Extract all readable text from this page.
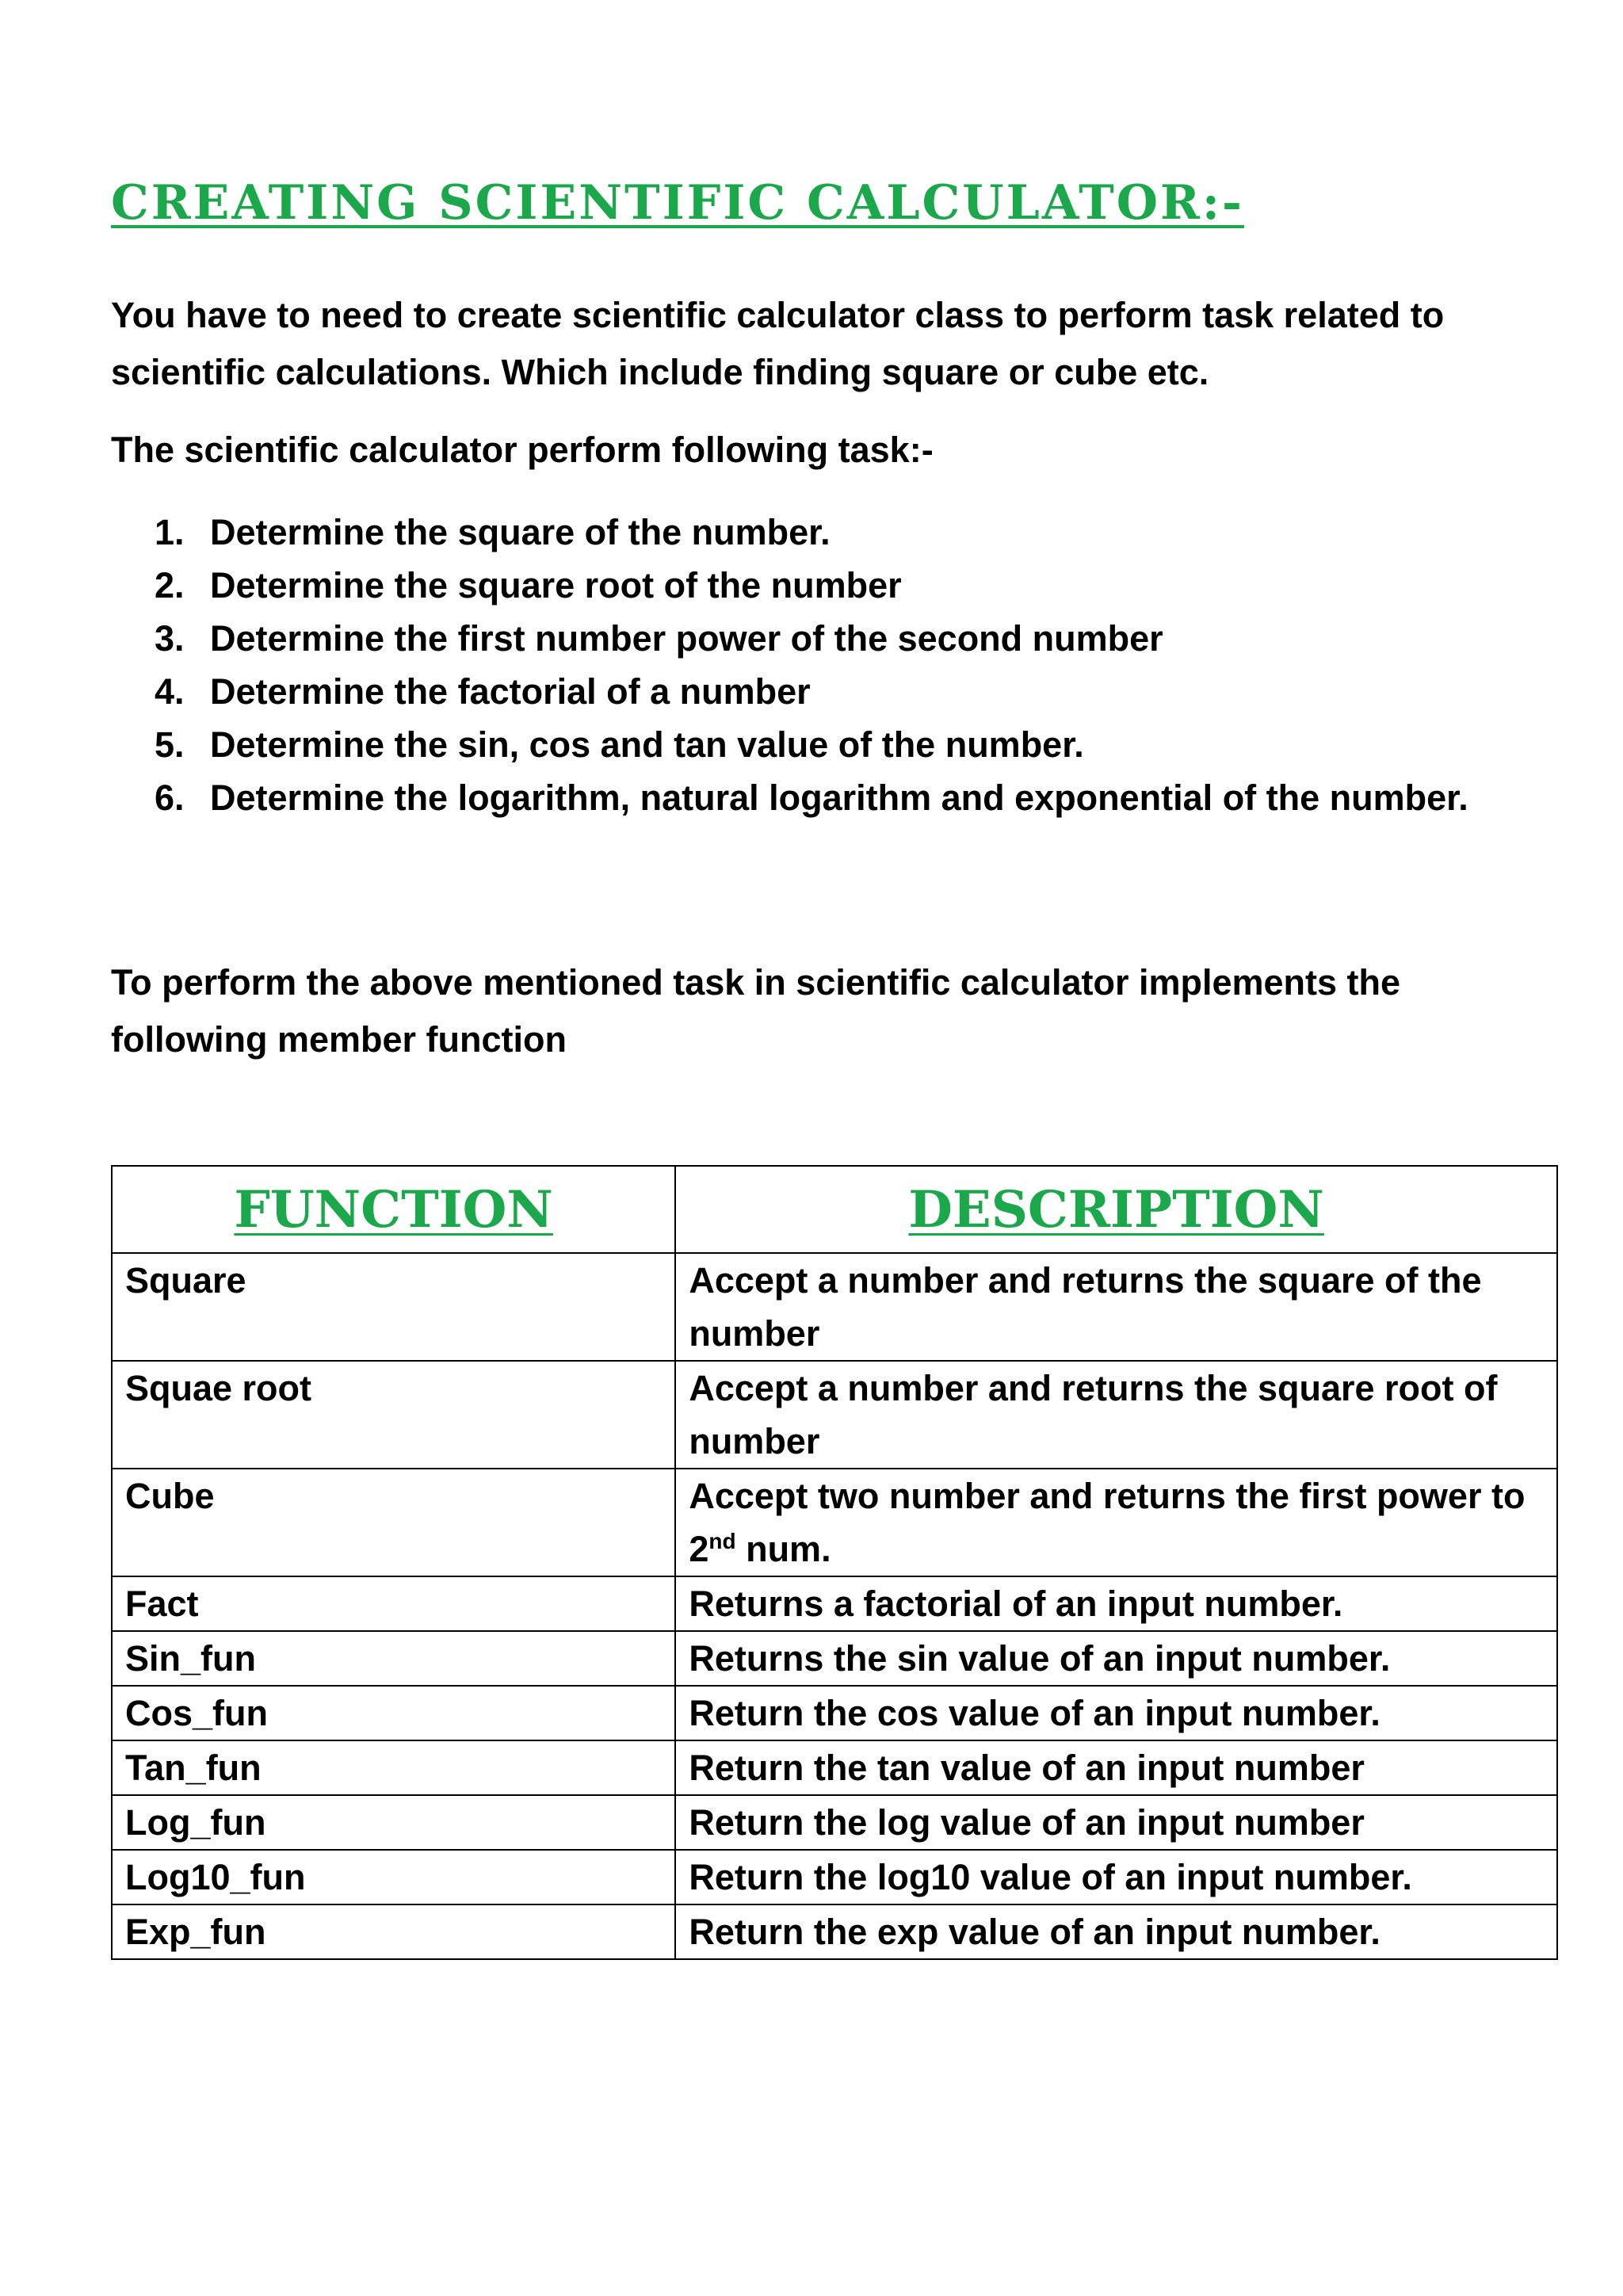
CREATING SCIENTIFIC CALCULATOR:-

You have to need to create scientific calculator class to perform task related to scientific calculations. Which include finding square or cube etc.

The scientific calculator perform following task:-

1. Determine the square of the number.
2. Determine the square root of the number
3. Determine the first number power of the second number
4. Determine the factorial of a number
5. Determine the sin, cos and tan value of the number.
6. Determine the logarithm, natural logarithm and exponential of the number.

To perform the above mentioned task in scientific calculator implements the following member function

FUNCTION	DESCRIPTION
Square	Accept a number and returns the square of the number
Squae root	Accept a number and returns the square root of number
Cube	Accept two number and returns the first power to 2nd num.
Fact	Returns a factorial of an input number.
Sin_fun	Returns the sin value of an input number.
Cos_fun	Return the cos value of an input number.
Tan_fun	Return the tan value of an input number
Log_fun	Return the log value of an input number
Log10_fun	Return the log10 value of an input number.
Exp_fun	Return the exp value of an input number.
